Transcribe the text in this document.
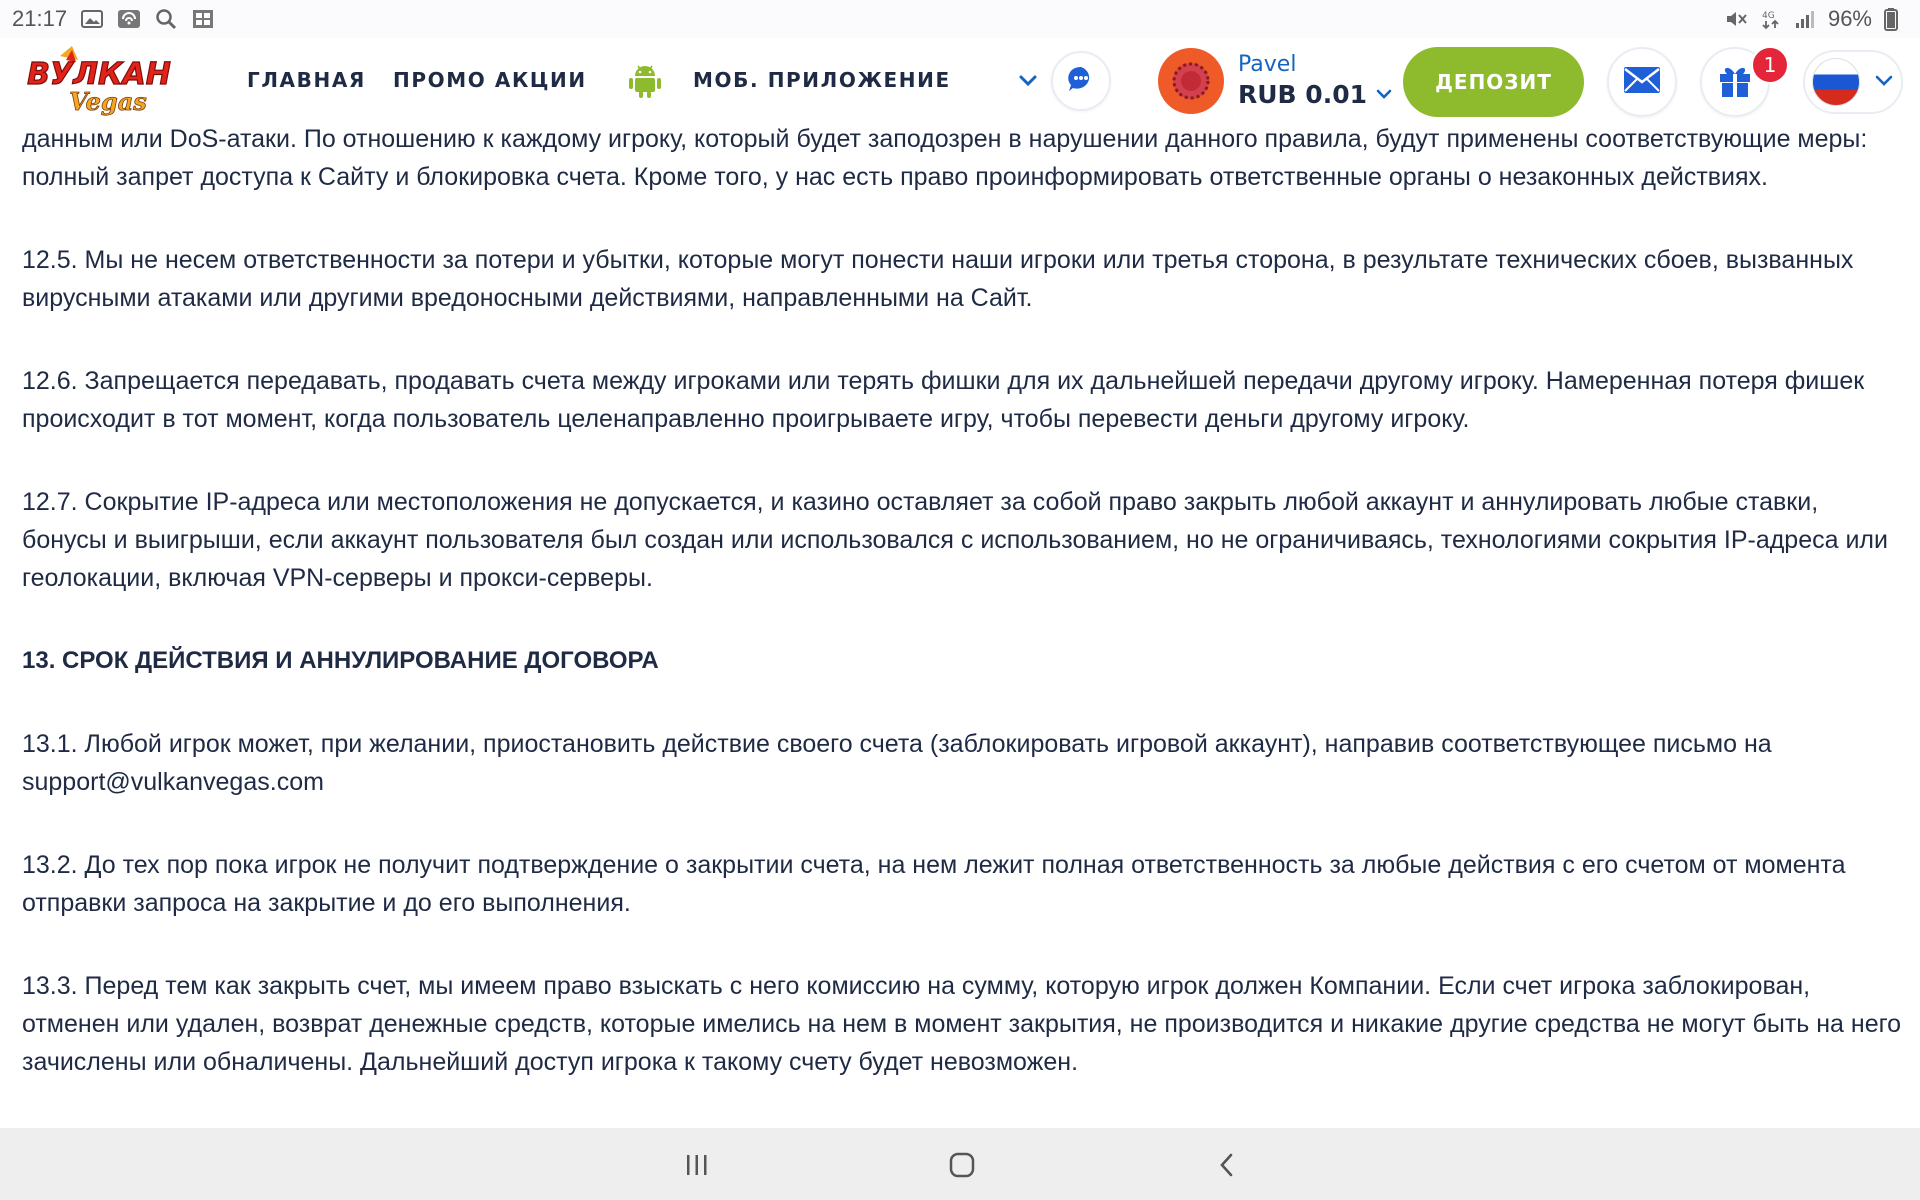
21:17	4G 96%
ВУЛКАН
Vegas
ГЛАВНАЯ ПРОМО АКЦИИ	МОБ. ПРИЛОЖЕНИЕ
Pavel
RUB 0.01	ДЕПОЗИТ
1

данным или DoS-атаки. По отношению к каждому игроку, который будет заподозрен в нарушении данного правила, будут применены соответствующие меры: полный запрет доступа к Сайту и блокировка счета. Кроме того, у нас есть право проинформировать ответственные органы о незаконных действиях.

12.5. Мы не несем ответственности за потери и убытки, которые могут понести наши игроки или третья сторона, в результате технических сбоев, вызванных вирусными атаками или другими вредоносными действиями, направленными на Сайт.

12.6. Запрещается передавать, продавать счета между игроками или терять фишки для их дальнейшей передачи другому игроку. Намеренная потеря фишек происходит в тот момент, когда пользователь целенаправленно проигрываете игру, чтобы перевести деньги другому игроку.

12.7. Сокрытие IP-адреса или местоположения не допускается, и казино оставляет за собой право закрыть любой аккаунт и аннулировать любые ставки, бонусы и выигрыши, если аккаунт пользователя был создан или использовался с использованием, но не ограничиваясь, технологиями сокрытия IP-адреса или геолокации, включая VPN-серверы и прокси-серверы.

13. СРОК ДЕЙСТВИЯ И АННУЛИРОВАНИЕ ДОГОВОРА

13.1. Любой игрок может, при желании, приостановить действие своего счета (заблокировать игровой аккаунт), направив соответствующее письмо на
support@vulkanvegas.com

13.2. До тех пор пока игрок не получит подтверждение о закрытии счета, на нем лежит полная ответственность за любые действия с его счетом от момента отправки запроса на закрытие и до его выполнения.

13.3. Перед тем как закрыть счет, мы имеем право взыскать с него комиссию на сумму, которую игрок должен Компании. Если счет игрока заблокирован, отменен или удален, возврат денежные средств, которые имелись на нем в момент закрытия, не производится и никакие другие средства не могут быть на него зачислены или обналичены. Дальнейший доступ игрока к такому счету будет невозможен.
